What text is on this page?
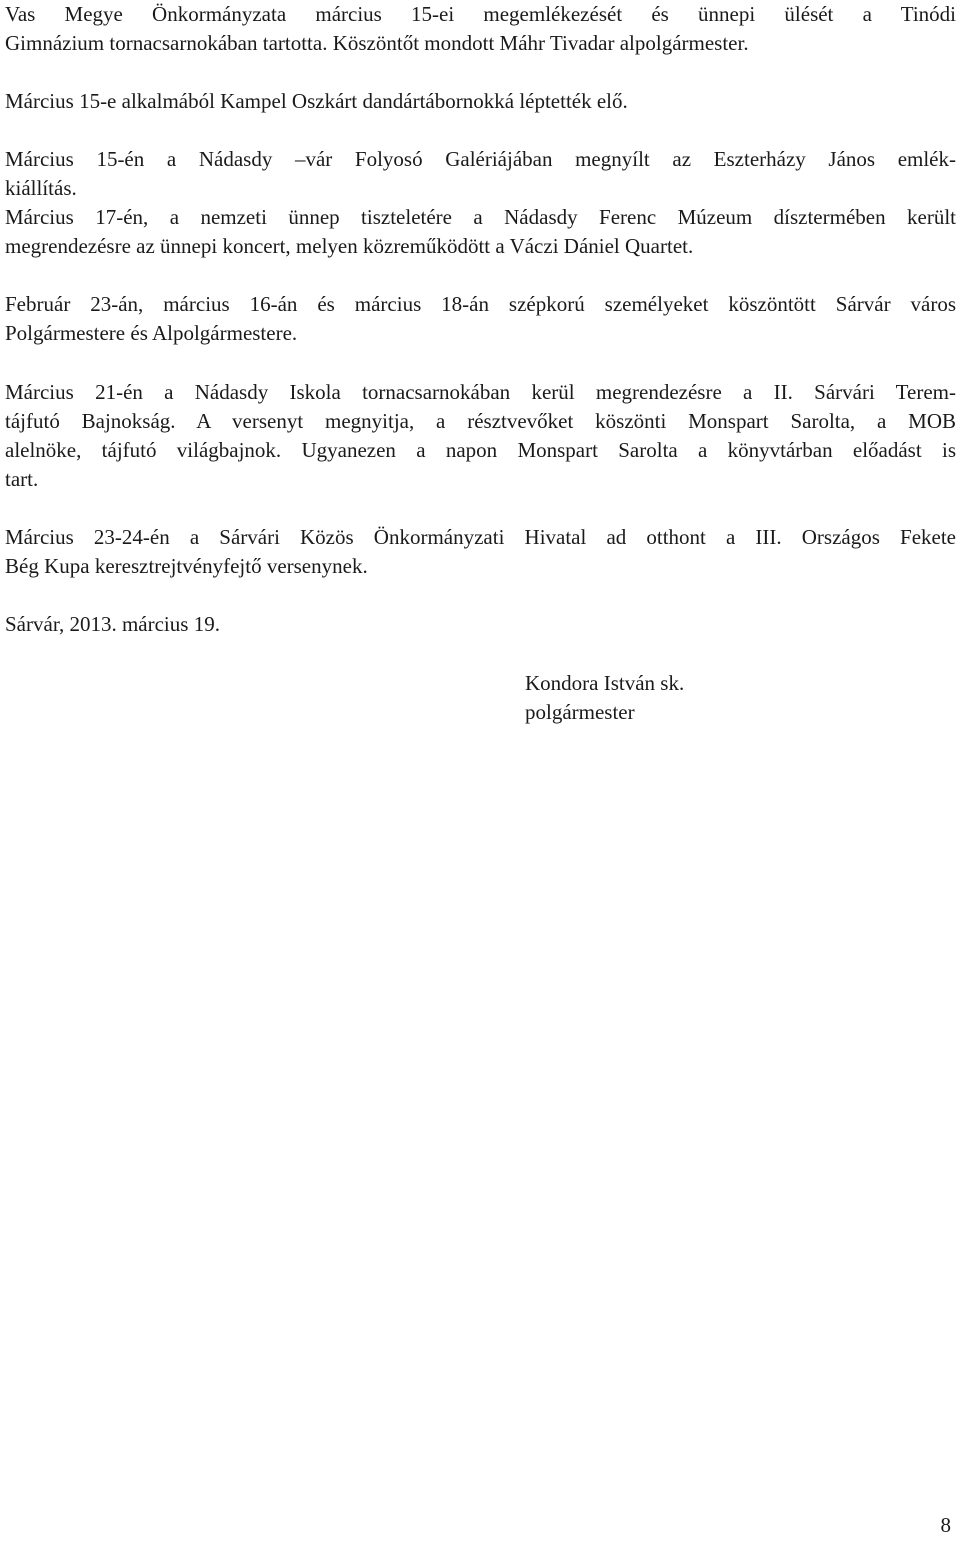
Vas Megye Önkormányzata március 15-ei megemlékezését és ünnepi ülését a Tinódi
Gimnázium tornacsarnokában tartotta. Köszöntőt mondott Máhr Tivadar alpolgármester.

Március 15-e alkalmából Kampel Oszkárt dandártábornokká léptették elő.

Március 15-én a Nádasdy –vár Folyosó Galériájában megnyílt az Eszterházy János emlék-
kiállítás.

Március 17-én, a nemzeti ünnep tiszteletére a Nádasdy Ferenc Múzeum dísztermében került
megrendezésre az ünnepi koncert, melyen közreműködött a Váczi Dániel Quartet.

Február 23-án, március 16-án és március 18-án szépkorú személyeket köszöntött Sárvár város
Polgármestere és Alpolgármestere.

Március 21-én a Nádasdy Iskola tornacsarnokában kerül megrendezésre a II. Sárvári Terem-
tájfutó Bajnokság. A versenyt megnyitja, a résztvevőket köszönti Monspart Sarolta, a MOB
alelnöke, tájfutó világbajnok. Ugyanezen a napon Monspart Sarolta a könyvtárban előadást is
tart.

Március 23-24-én a Sárvári Közös Önkormányzati Hivatal ad otthont a III. Országos Fekete
Bég Kupa keresztrejtvényfejtő versenynek.

Sárvár, 2013. március 19.

Kondora István sk.
polgármester
8
